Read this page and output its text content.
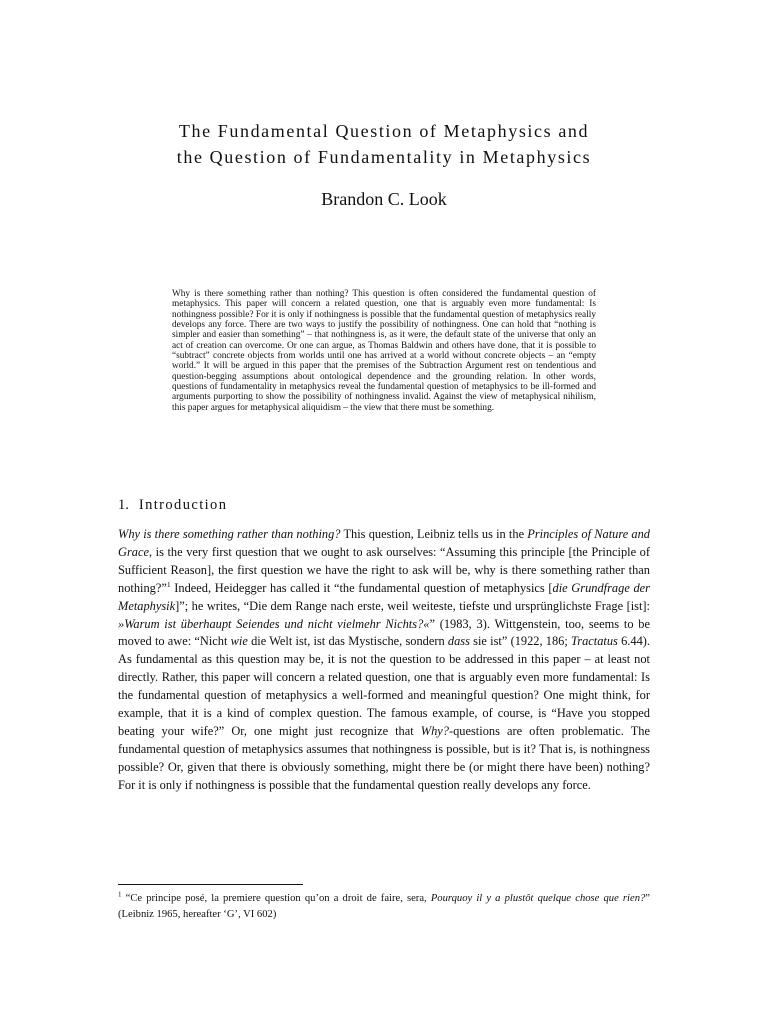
The Fundamental Question of Metaphysics and
the Question of Fundamentality in Metaphysics

Brandon C. Look

Why is there something rather than nothing? This question is often considered the fundamental question of metaphysics. This paper will concern a related question, one that is arguably even more fundamental: Is nothingness possible? For it is only if nothingness is possible that the fundamental question of metaphysics really develops any force. There are two ways to justify the possibility of nothingness. One can hold that “nothing is simpler and easier than something” – that nothingness is, as it were, the default state of the universe that only an act of creation can overcome. Or one can argue, as Thomas Baldwin and others have done, that it is possible to “subtract” concrete objects from worlds until one has arrived at a world without concrete objects – an “empty world.” It will be argued in this paper that the premises of the Subtraction Argument rest on tendentious and question-begging assumptions about ontological dependence and the grounding relation. In other words, questions of fundamentality in metaphysics reveal the fundamental question of metaphysics to be ill-formed and arguments purporting to show the possibility of nothingness invalid. Against the view of metaphysical nihilism, this paper argues for metaphysical aliquidism – the view that there must be something.

1. Introduction

Why is there something rather than nothing? This question, Leibniz tells us in the Principles of Nature and Grace, is the very first question that we ought to ask ourselves: “Assuming this principle [the Principle of Sufficient Reason], the first question we have the right to ask will be, why is there something rather than nothing?”$^1$ Indeed, Heidegger has called it “the fundamental question of metaphysics [die Grundfrage der Metaphysik]”; he writes, “Die dem Range nach erste, weil weiteste, tiefste und ursprünglichste Frage [ist]: »Warum ist überhaupt Seiendes und nicht vielmehr Nichts?«” (1983, 3). Wittgenstein, too, seems to be moved to awe: “Nicht wie die Welt ist, ist das Mystische, sondern dass sie ist” (1922, 186; Tractatus 6.44). As fundamental as this question may be, it is not the question to be addressed in this paper – at least not directly. Rather, this paper will concern a related question, one that is arguably even more fundamental: Is the fundamental question of metaphysics a well-formed and meaningful question? One might think, for example, that it is a kind of complex question. The famous example, of course, is “Have you stopped beating your wife?” Or, one might just recognize that Why?-questions are often problematic. The fundamental question of metaphysics assumes that nothingness is possible, but is it? That is, is nothingness possible? Or, given that there is obviously something, might there be (or might there have been) nothing? For it is only if nothingness is possible that the fundamental question really develops any force.

$^1$ “Ce principe posé, la premiere question qu’on a droit de faire, sera, Pourquoy il y a plustôt quelque chose que rien?” (Leibniz 1965, hereafter ‘G’, VI 602)
